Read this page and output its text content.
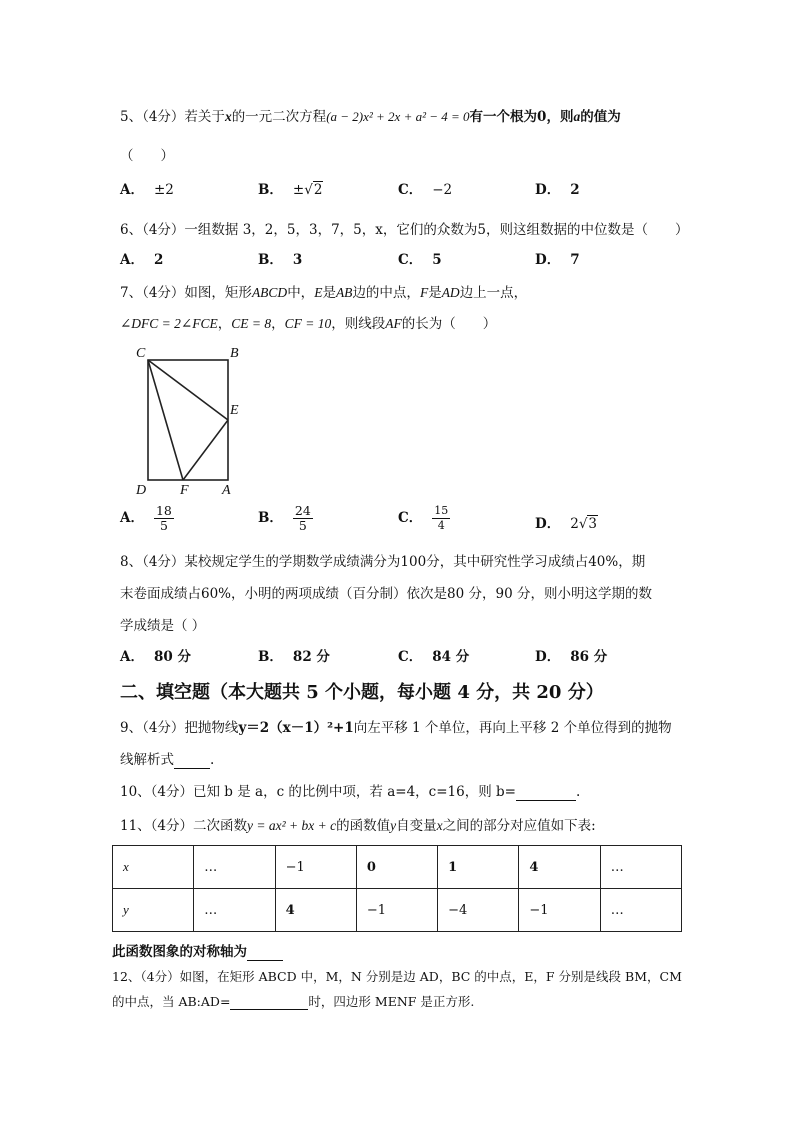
5、（4分）若关于x的一元二次方程(a − 2)x² + 2x + a² − 4 = 0有一个根为0，则a的值为
（　　）
A． ±2	B． ±√2	C． −2	D． 2
6、（4分）一组数据 3，2，5，3，7，5，x，它们的众数为5，则这组数据的中位数是（　　）
A． 2	B． 3	C． 5	D． 7
7、（4分）如图，矩形ABCD中，E是AB边的中点，F是AD边上一点，
∠DFC = 2∠FCE，CE = 8，CF = 10，则线段AF的长为（　　）
C	B
E
D F A
A． $\frac{18}{5}$	B． $\frac{24}{5}$	C． $\frac{15}{4}$	D． 2√3
8、（4分）某校规定学生的学期数学成绩满分为100分，其中研究性学习成绩占40%，期
末卷面成绩占60%，小明的两项成绩（百分制）依次是80 分，90 分，则小明这学期的数
学成绩是（ ）
A． 80 分	B． 82 分	C． 84 分	D． 86 分
二、填空题（本大题共 5 个小题，每小题 4 分，共 20 分）
9、（4分）把抛物线y＝2（x－1）²+1向左平移 1 个单位，再向上平移 2 个单位得到的抛物
线解析式	.
10、（4分）已知 b 是 a，c 的比例中项，若 a=4，c=16，则 b=	.
11、（4分）二次函数y = ax² + bx + c的函数值y自变量x之间的部分对应值如下表:
x	…	−1	0	1	4	…
y	…	4	−1	−4	−1	…
此函数图象的对称轴为
12、（4分）如图，在矩形 ABCD 中，M，N 分别是边 AD，BC 的中点，E，F 分别是线段 BM，CM
的中点，当 AB:AD=	时，四边形 MENF 是正方形.
